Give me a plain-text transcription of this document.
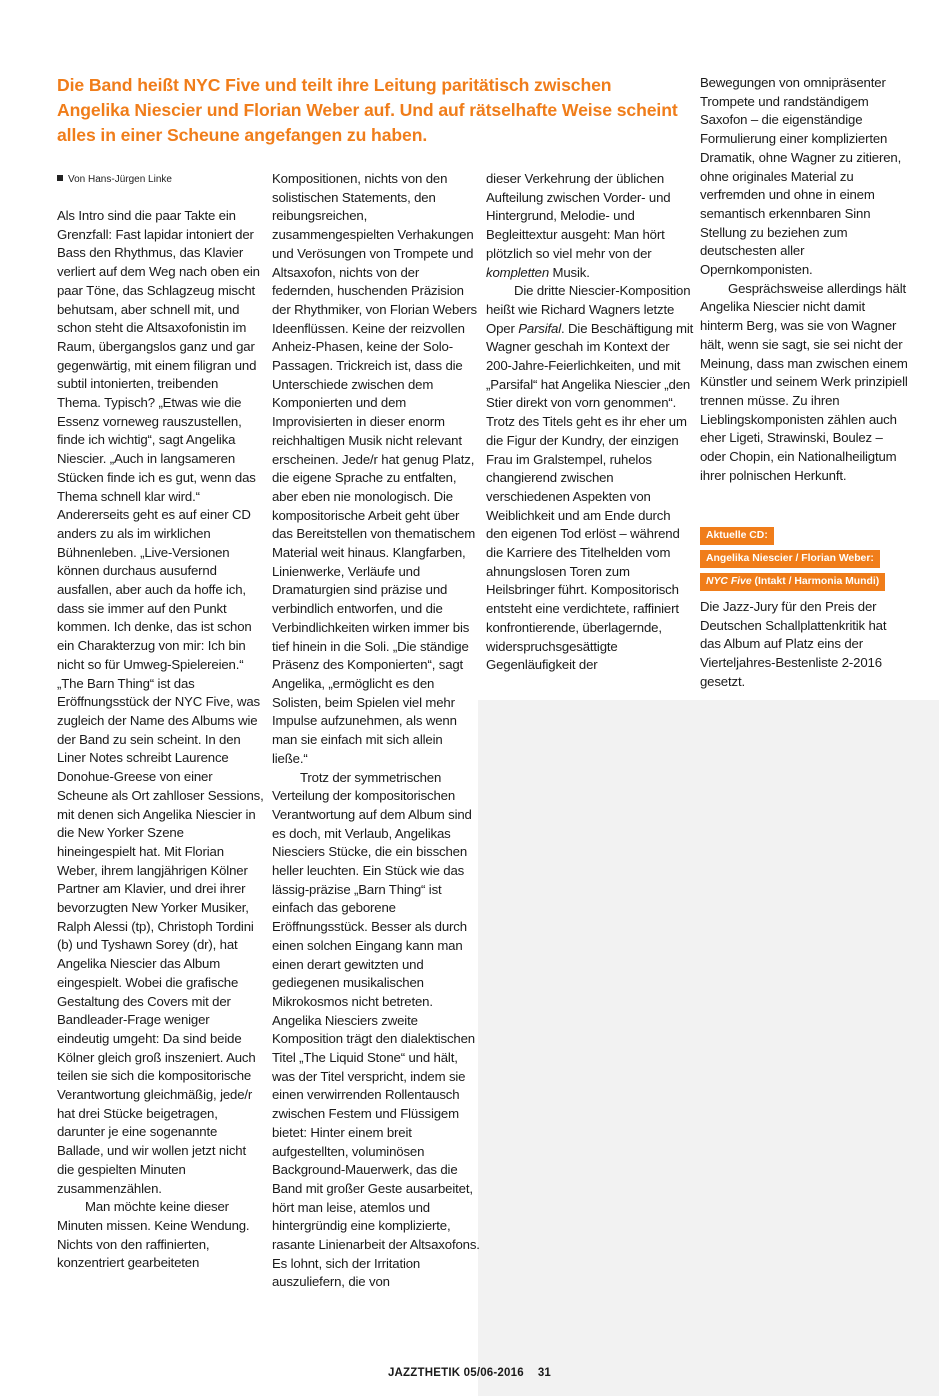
Die Band heißt NYC Five und teilt ihre Leitung paritätisch zwischen Angelika Niescier und Florian Weber auf. Und auf rätselhafte Weise scheint alles in einer Scheune angefangen zu haben.
Von Hans-Jürgen Linke

Als Intro sind die paar Takte ein Grenzfall: Fast lapidar intoniert der Bass den Rhythmus, das Klavier verliert auf dem Weg nach oben ein paar Töne, das Schlagzeug mischt behutsam, aber schnell mit, und schon steht die Altsaxofonistin im Raum, übergangslos ganz und gar gegenwärtig, mit einem filigran und subtil intonierten, treibenden Thema. Typisch? „Etwas wie die Essenz vorneweg rauszustellen, finde ich wichtig“, sagt Angelika Niescier. „Auch in langsameren Stücken finde ich es gut, wenn das Thema schnell klar wird.“ Andererseits geht es auf einer CD anders zu als im wirklichen Bühnenleben. „Live-Versionen können durchaus ausufernd ausfallen, aber auch da hoffe ich, dass sie immer auf den Punkt kommen. Ich denke, das ist schon ein Charakterzug von mir: Ich bin nicht so für Umweg-Spielereien.“

„The Barn Thing“ ist das Eröffnungsstück der NYC Five, was zugleich der Name des Albums wie der Band zu sein scheint. In den Liner Notes schreibt Laurence Donohue-Greese von einer Scheune als Ort zahlloser Sessions, mit denen sich Angelika Niescier in die New Yorker Szene hineingespielt hat. Mit Florian Weber, ihrem langjährigen Kölner Partner am Klavier, und drei ihrer bevorzugten New Yorker Musiker, Ralph Alessi (tp), Christoph Tordini (b) und Tyshawn Sorey (dr), hat Angelika Niescier das Album eingespielt. Wobei die grafische Gestaltung des Covers mit der Bandleader-Frage weniger eindeutig umgeht: Da sind beide Kölner gleich groß inszeniert. Auch teilen sie sich die kompositorische Verantwortung gleichmäßig, jede/r hat drei Stücke beigetragen, darunter je eine sogenannte Ballade, und wir wollen jetzt nicht die gespielten Minuten zusammenzählen.

Man möchte keine dieser Minuten missen. Keine Wendung. Nichts von den raffinierten, konzentriert gearbeiteten

Kompositionen, nichts von den solistischen Statements, den reibungsreichen, zusammengespielten Verhakungen und Verösungen von Trompete und Altsaxofon, nichts von der federnden, huschenden Präzision der Rhythmiker, von Florian Webers Ideenflüssen. Keine der reizvollen Anheiz-Phasen, keine der Solo-Passagen. Trickreich ist, dass die Unterschiede zwischen dem Komponierten und dem Improvisierten in dieser enorm reichhaltigen Musik nicht relevant erscheinen. Jede/r hat genug Platz, die eigene Sprache zu entfalten, aber eben nie monologisch. Die kompositorische Arbeit geht über das Bereitstellen von thematischem Material weit hinaus. Klangfarben, Linienwerke, Verläufe und Dramaturgien sind präzise und verbindlich entworfen, und die Verbindlichkeiten wirken immer bis tief hinein in die Soli. „Die ständige Präsenz des Komponierten“, sagt Angelika, „ermöglicht es den Solisten, beim Spielen viel mehr Impulse aufzunehmen, als wenn man sie einfach mit sich allein ließe.“

Trotz der symmetrischen Verteilung der kompositorischen Verantwortung auf dem Album sind es doch, mit Verlaub, Angelikas Niesciers Stücke, die ein bisschen heller leuchten. Ein Stück wie das lässig-präzise „Barn Thing“ ist einfach das geborene Eröffnungsstück. Besser als durch einen solchen Eingang kann man einen derart gewitzten und gediegenen musikalischen Mikrokosmos nicht betreten. Angelika Niesciers zweite Komposition trägt den dialektischen Titel „The Liquid Stone“ und hält, was der Titel verspricht, indem sie einen verwirrenden Rollentausch zwischen Festem und Flüssigem bietet: Hinter einem breit aufgestellten, voluminösen Background-Mauerwerk, das die Band mit großer Geste ausarbeitet, hört man leise, atemlos und hintergründig eine komplizierte, rasante Linienarbeit der Altsaxofons. Es lohnt, sich der Irritation auszuliefern, die von

dieser Verkehrung der üblichen Aufteilung zwischen Vorder- und Hintergrund, Melodie- und Begleittextur ausgeht: Man hört plötzlich so viel mehr von der kompletten Musik.

Die dritte Niescier-Komposition heißt wie Richard Wagners letzte Oper Parsifal. Die Beschäftigung mit Wagner geschah im Kontext der 200-Jahre-Feierlichkeiten, und mit „Parsifal“ hat Angelika Niescier „den Stier direkt von vorn genommen“. Trotz des Titels geht es ihr eher um die Figur der Kundry, der einzigen Frau im Gralstempel, ruhelos changierend zwischen verschiedenen Aspekten von Weiblichkeit und am Ende durch den eigenen Tod erlöst – während die Karriere des Titelhelden vom ahnungslosen Toren zum Heilsbringer führt. Kompositorisch entsteht eine verdichtete, raffiniert konfrontierende, überlagernde, widerspruchsgesättigte Gegenläufigkeit der

Bewegungen von omnipräsenter Trompete und randständigem Saxofon – die eigenständige Formulierung einer komplizierten Dramatik, ohne Wagner zu zitieren, ohne originales Material zu verfremden und ohne in einem semantisch erkennbaren Sinn Stellung zu beziehen zum deutschesten aller Opernkomponisten.

Gesprächsweise allerdings hält Angelika Niescier nicht damit hinterm Berg, was sie von Wagner hält, wenn sie sagt, sie sei nicht der Meinung, dass man zwischen einem Künstler und seinem Werk prinzipiell trennen müsse. Zu ihren Lieblingskomponisten zählen auch eher Ligeti, Strawinski, Boulez – oder Chopin, ein Nationalheiligtum ihrer polnischen Herkunft.

Aktuelle CD:
Angelika Niescier / Florian Weber:
NYC Five (Intakt / Harmonia Mundi)

Die Jazz-Jury für den Preis der Deutschen Schallplattenkritik hat das Album auf Platz eins der Vierteljahres-Bestenliste 2-2016 gesetzt.

JAZZTHETIK 05/06-2016 31
